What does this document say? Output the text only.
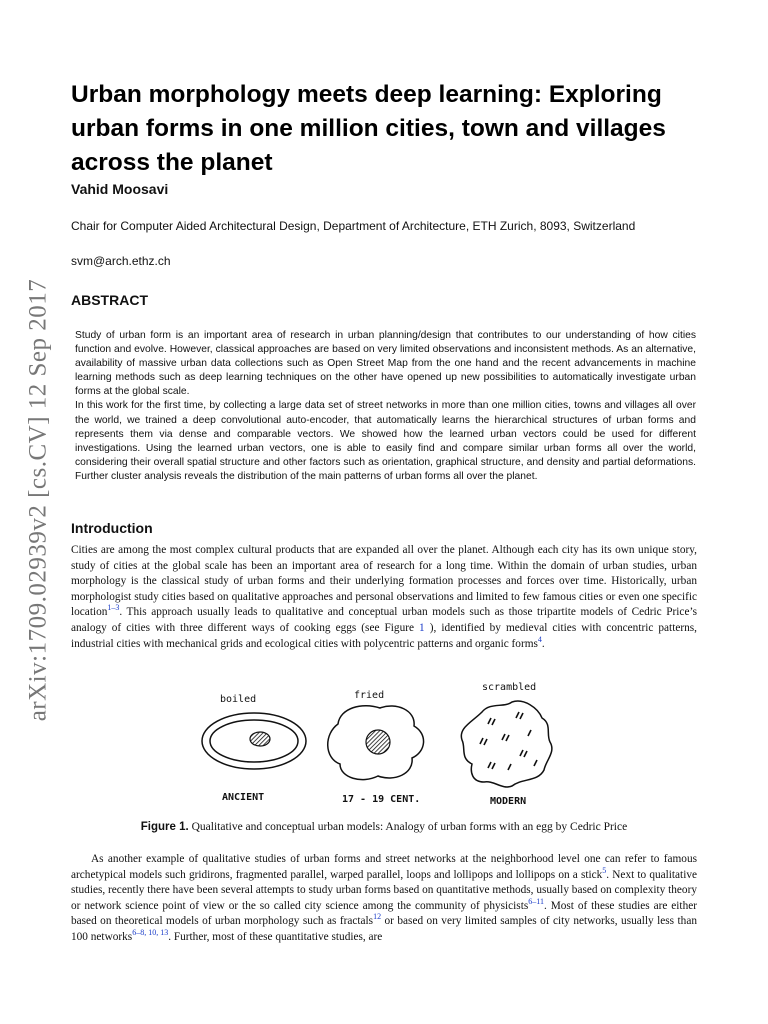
arXiv:1709.02939v2 [cs.CV] 12 Sep 2017
Urban morphology meets deep learning: Exploring urban forms in one million cities, town and villages across the planet

Vahid Moosavi

Chair for Computer Aided Architectural Design, Department of Architecture, ETH Zurich, 8093, Switzerland

svm@arch.ethz.ch

ABSTRACT

Study of urban form is an important area of research in urban planning/design that contributes to our understanding of how cities function and evolve. However, classical approaches are based on very limited observations and inconsistent methods. As an alternative, availability of massive urban data collections such as Open Street Map from the one hand and the recent advancements in machine learning methods such as deep learning techniques on the other have opened up new possibilities to automatically investigate urban forms at the global scale.

In this work for the first time, by collecting a large data set of street networks in more than one million cities, towns and villages all over the world, we trained a deep convolutional auto-encoder, that automatically learns the hierarchical structures of urban forms and represents them via dense and comparable vectors. We showed how the learned urban vectors could be used for different investigations. Using the learned urban vectors, one is able to easily find and compare similar urban forms all over the world, considering their overall spatial structure and other factors such as orientation, graphical structure, and density and partial deformations. Further cluster analysis reveals the distribution of the main patterns of urban forms all over the planet.

Introduction

Cities are among the most complex cultural products that are expanded all over the planet. Although each city has its own unique story, study of cities at the global scale has been an important area of research for a long time. Within the domain of urban studies, urban morphology is the classical study of urban forms and their underlying formation processes and forces over time. Historically, urban morphologist study cities based on qualitative approaches and personal observations and limited to few famous cities or even one specific location$^{1-3}$. This approach usually leads to qualitative and conceptual urban models such as those tripartite models of Cedric Price’s analogy of cities with three different ways of cooking eggs (see Figure 1 ), identified by medieval cities with concentric patterns, industrial cities with mechanical grids and ecological cities with polycentric patterns and organic forms$^4$.

boiled
ANCIENT
fried
17 - 19 CENT.
scrambled
MODERN

Figure 1. Qualitative and conceptual urban models: Analogy of urban forms with an egg by Cedric Price

As another example of qualitative studies of urban forms and street networks at the neighborhood level one can refer to famous archetypical models such gridirons, fragmented parallel, warped parallel, loops and lollipops and lollipops on a stick$^5$. Next to qualitative studies, recently there have been several attempts to study urban forms based on quantitative methods, usually based on complexity theory or network science point of view or the so called city science among the community of physicists$^{6-11}$. Most of these studies are either based on theoretical models of urban morphology such as fractals$^{12}$ or based on very limited samples of city networks, usually less than 100 networks$^{6-8, 10, 13}$. Further, most of these quantitative studies, are
